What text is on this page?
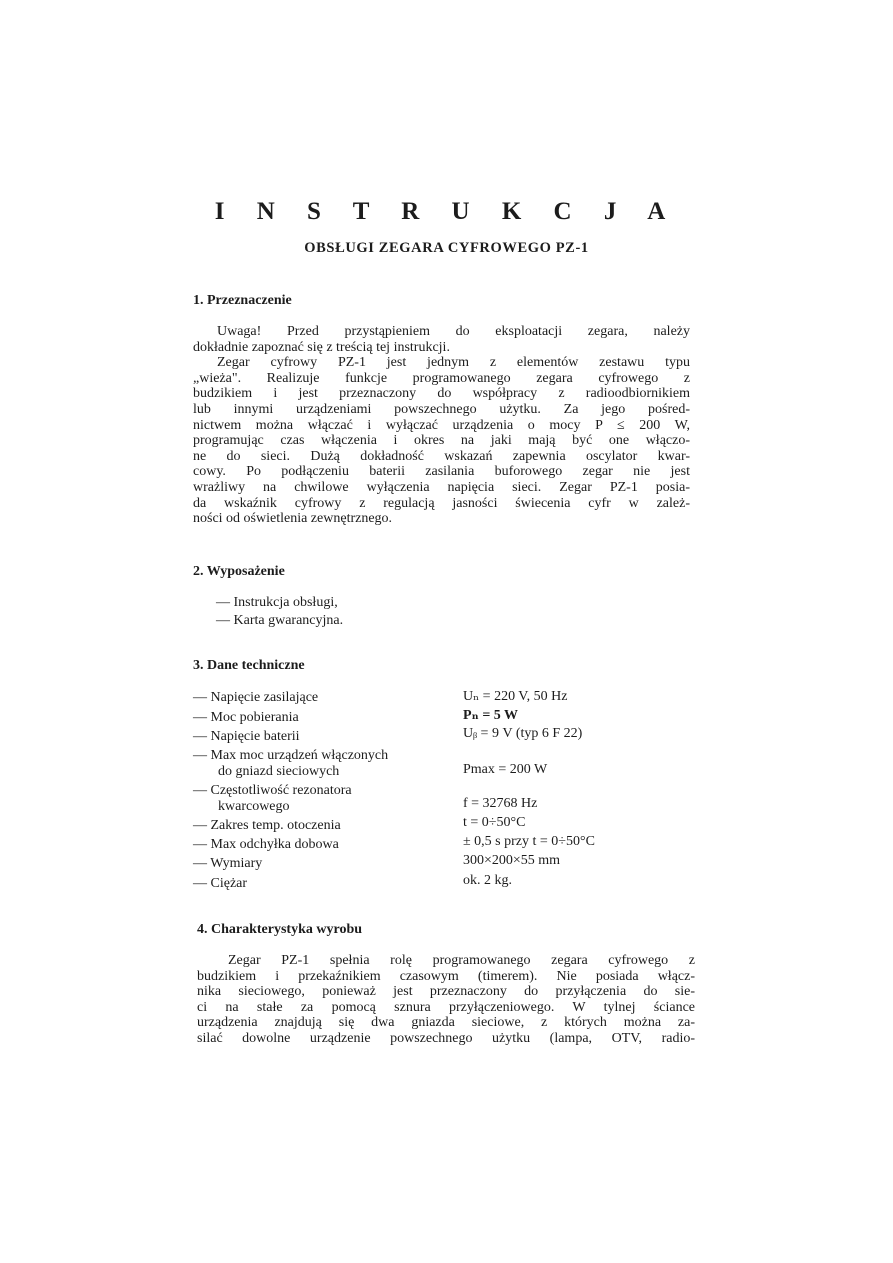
I N S T R U K C J A
OBSŁUGI ZEGARA CYFROWEGO PZ-1
1. Przeznaczenie
Uwaga! Przed przystąpieniem do eksploatacji zegara, należy
dokładnie zapoznać się z treścią tej instrukcji.
Zegar cyfrowy PZ-1 jest jednym z elementów zestawu typu
„wieża". Realizuje funkcje programowanego zegara cyfrowego z
budzikiem i jest przeznaczony do współpracy z radioodbiornikiem
lub innymi urządzeniami powszechnego użytku. Za jego pośred-
nictwem można włączać i wyłączać urządzenia o mocy P ≤ 200 W,
programując czas włączenia i okres na jaki mają być one włączo-
ne do sieci. Dużą dokładność wskazań zapewnia oscylator kwar-
cowy. Po podłączeniu baterii zasilania buforowego zegar nie jest
wrażliwy na chwilowe wyłączenia napięcia sieci. Zegar PZ-1 posia-
da wskaźnik cyfrowy z regulacją jasności świecenia cyfr w zależ-
ności od oświetlenia zewnętrznego.
2. Wyposażenie
— Instrukcja obsługi,
— Karta gwarancyjna.
3. Dane techniczne
— Napięcie zasilające	Uₙ = 220 V, 50 Hz
— Moc pobierania	Pₙ = 5 W
— Napięcie baterii	Uᵦ = 9 V (typ 6 F 22)
— Max moc urządzeń włączonych
do gniazd sieciowych	Pmax = 200 W
— Częstotliwość rezonatora
kwarcowego	f = 32768 Hz
— Zakres temp. otoczenia	t = 0÷50°C
— Max odchyłka dobowa	± 0,5 s przy t = 0÷50°C
— Wymiary	300×200×55 mm
— Ciężar	ok. 2 kg.
4. Charakterystyka wyrobu
Zegar PZ-1 spełnia rolę programowanego zegara cyfrowego z
budzikiem i przekaźnikiem czasowym (timerem). Nie posiada włącz-
nika sieciowego, ponieważ jest przeznaczony do przyłączenia do sie-
ci na stałe za pomocą sznura przyłączeniowego. W tylnej ściance
urządzenia znajdują się dwa gniazda sieciowe, z których można za-
silać dowolne urządzenie powszechnego użytku (lampa, OTV, radio-
